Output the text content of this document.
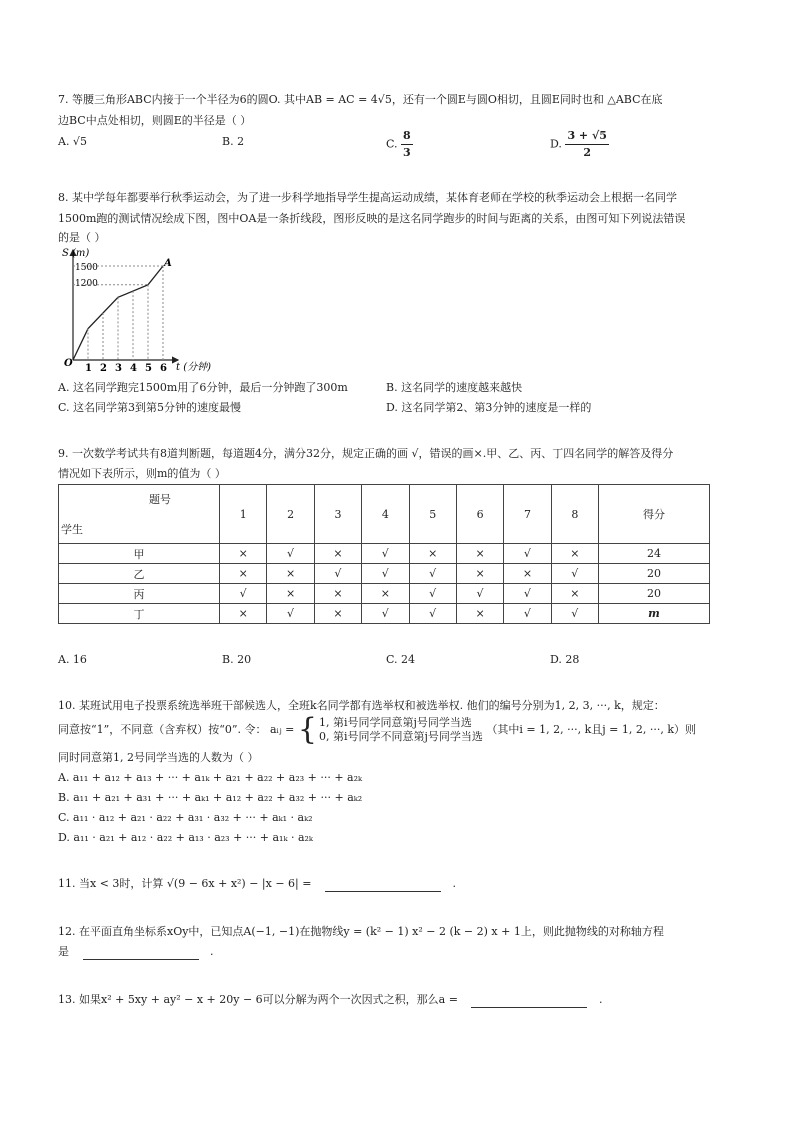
7. 等腰三角形ABC内接于一个半径为6的圆O. 其中AB = AC = 4√5，还有一个圆E与圆O相切，且圆E同时也和 △ABC在底
边BC中点处相切，则圆E的半径是（ ）
A. √5	B. 2	C. $\frac{8}{3}$	D. $\frac{3 + √5}{2}$
8. 某中学每年都要举行秋季运动会，为了进一步科学地指导学生提高运动成绩，某体育老师在学校的秋季运动会上根据一名同学
1500m跑的测试情况绘成下图，图中OA是一条折线段，图形反映的是这名同学跑步的时间与距离的关系，由图可知下列说法错误
的是（ ）
S (m)
t (分钟)
O
1500
1200
A
1 2 3 4 5 6
A. 这名同学跑完1500m用了6分钟，最后一分钟跑了300m	B. 这名同学的速度越来越快
C. 这名同学第3到第5分钟的速度最慢	D. 这名同学第2、第3分钟的速度是一样的
9. 一次数学考试共有8道判断题，每道题4分，满分32分，规定正确的画 √，错误的画×.甲、乙、丙、丁四名同学的解答及得分
情况如下表所示，则m的值为（ ）
题号
学生	1	2	3	4	5	6	7	8	得分
甲	×	√	×	√	×	×	√	×	24
乙	×	×	√	√	√	×	×	√	20
丙	√	×	×	×	√	√	√	×	20
丁	×	√	×	√	√	×	√	√	m
A. 16	B. 20	C. 24	D. 28
10. 某班试用电子投票系统选举班干部候选人，全班k名同学都有选举权和被选举权. 他们的编号分别为1, 2, 3, ···, k，规定：
同意按“1”，不同意（含弃权）按“0”. 令： aᵢⱼ = { 1, 第i号同学同意第j号同学当选
0, 第i号同学不同意第j号同学当选
（其中i = 1, 2, ···, k且j = 1, 2, ···, k）则
同时同意第1, 2号同学当选的人数为（ ）
A. a₁₁ + a₁₂ + a₁₃ + ··· + a₁ₖ + a₂₁ + a₂₂ + a₂₃ + ··· + a₂ₖ
B. a₁₁ + a₂₁ + a₃₁ + ··· + aₖ₁ + a₁₂ + a₂₂ + a₃₂ + ··· + aₖ₂
C. a₁₁ · a₁₂ + a₂₁ · a₂₂ + a₃₁ · a₃₂ + ··· + aₖ₁ · aₖ₂
D. a₁₁ · a₂₁ + a₁₂ · a₂₂ + a₁₃ · a₂₃ + ··· + a₁ₖ · a₂ₖ
11. 当x < 3时，计算 √(9 − 6x + x²) − |x − 6| =	.
12. 在平面直角坐标系xOy中，已知点A(−1, −1)在抛物线y = (k² − 1) x² − 2 (k − 2) x + 1上，则此抛物线的对称轴方程
是	.
13. 如果x² + 5xy + ay² − x + 20y − 6可以分解为两个一次因式之积，那么a =	.
